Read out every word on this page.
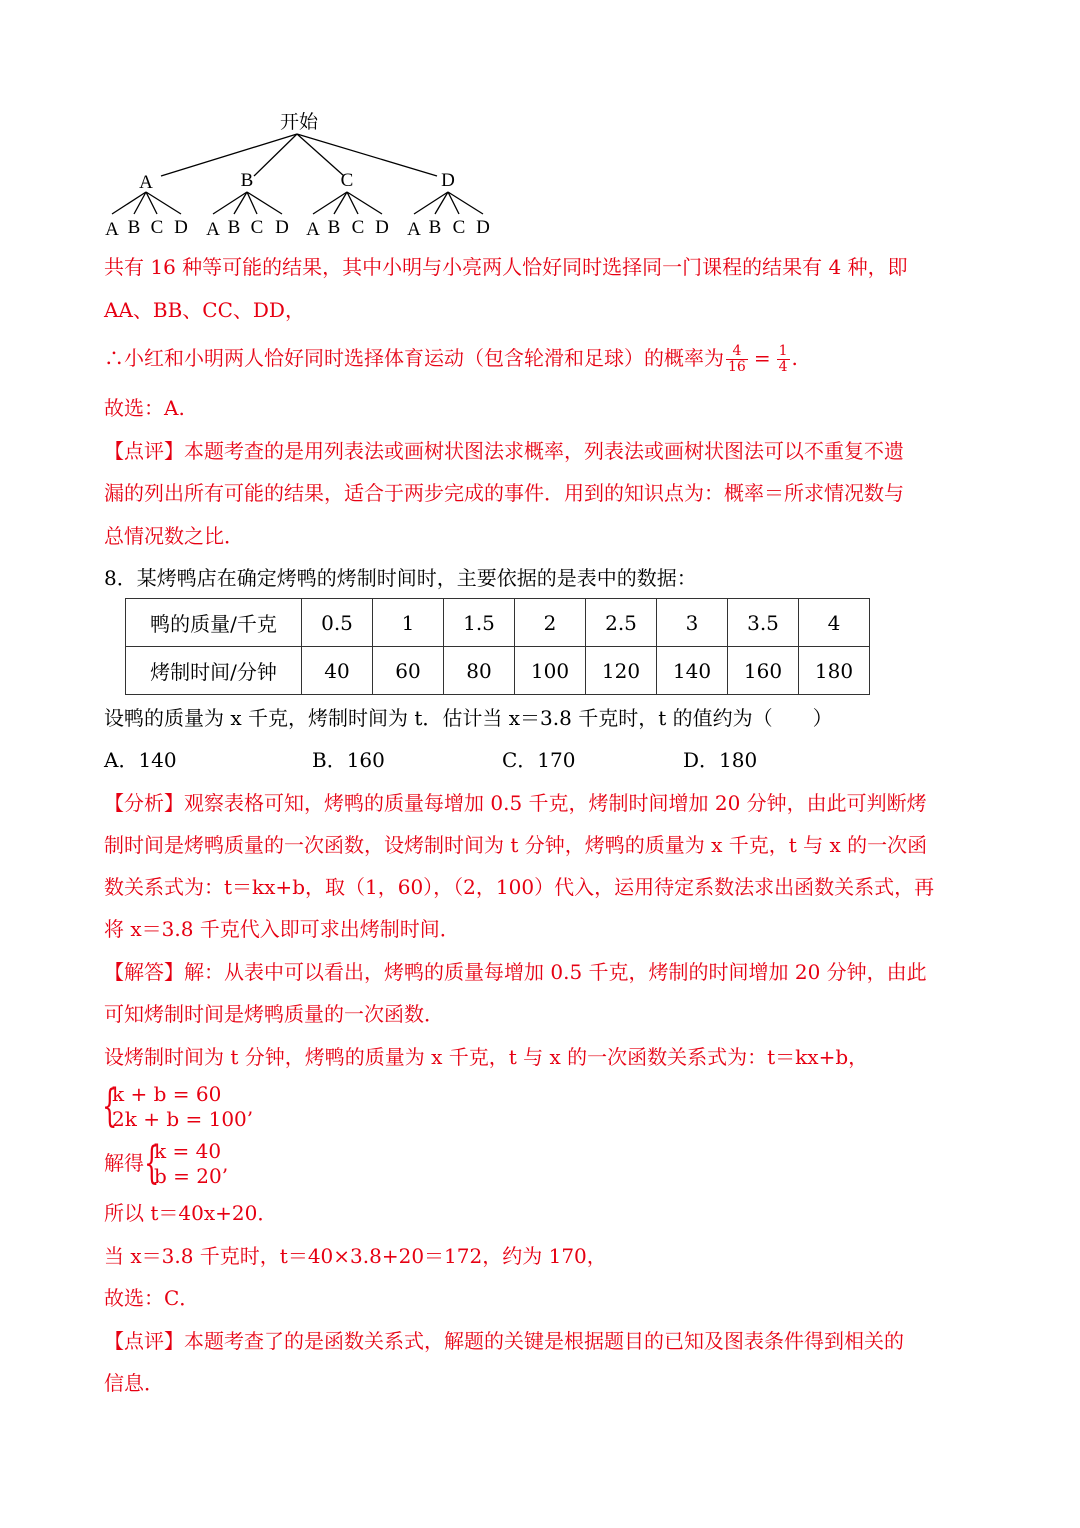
开始
A	B	C	D
A B C D A B C D A B C D A B C D
共有 16 种等可能的结果，其中小明与小亮两人恰好同时选择同一门课程的结果有 4 种，即
AA、BB、CC、DD，
∴小红和小明两人恰好同时选择体育运动（包含轮滑和足球）的概率为 $\frac{4}{16} = \frac{1}{4}$ .
故选：A.
【点评】本题考查的是用列表法或画树状图法求概率，列表法或画树状图法可以不重复不遗
漏的列出所有可能的结果，适合于两步完成的事件．用到的知识点为：概率＝所求情况数与
总情况数之比．
8．某烤鸭店在确定烤鸭的烤制时间时，主要依据的是表中的数据：
鸭的质量/千克	0.5	1	1.5	2	2.5	3	3.5	4
烤制时间/分钟	40	60	80	100	120	140	160	180
设鸭的质量为 x 千克，烤制时间为 t．估计当 x＝3.8 千克时，t 的值约为（　　）
A．140	B．160	C．170	D．180
【分析】观察表格可知，烤鸭的质量每增加 0.5 千克，烤制时间增加 20 分钟，由此可判断烤
制时间是烤鸭质量的一次函数，设烤制时间为 t 分钟，烤鸭的质量为 x 千克，t 与 x 的一次函
数关系式为：t＝kx+b，取（1，60），（2，100）代入，运用待定系数法求出函数关系式，再
将 x＝3.8 千克代入即可求出烤制时间．
【解答】解：从表中可以看出，烤鸭的质量每增加 0.5 千克，烤制的时间增加 20 分钟，由此
可知烤制时间是烤鸭质量的一次函数．
设烤制时间为 t 分钟，烤鸭的质量为 x 千克，t 与 x 的一次函数关系式为：t＝kx+b，
{
k + b = 60
2k + b = 100’
解得 {
k = 40
b = 20’
所以 t＝40x+20．
当 x＝3.8 千克时，t＝40×3.8+20＝172，约为 170，
故选：C．
【点评】本题考查了的是函数关系式，解题的关键是根据题目的已知及图表条件得到相关的
信息．
